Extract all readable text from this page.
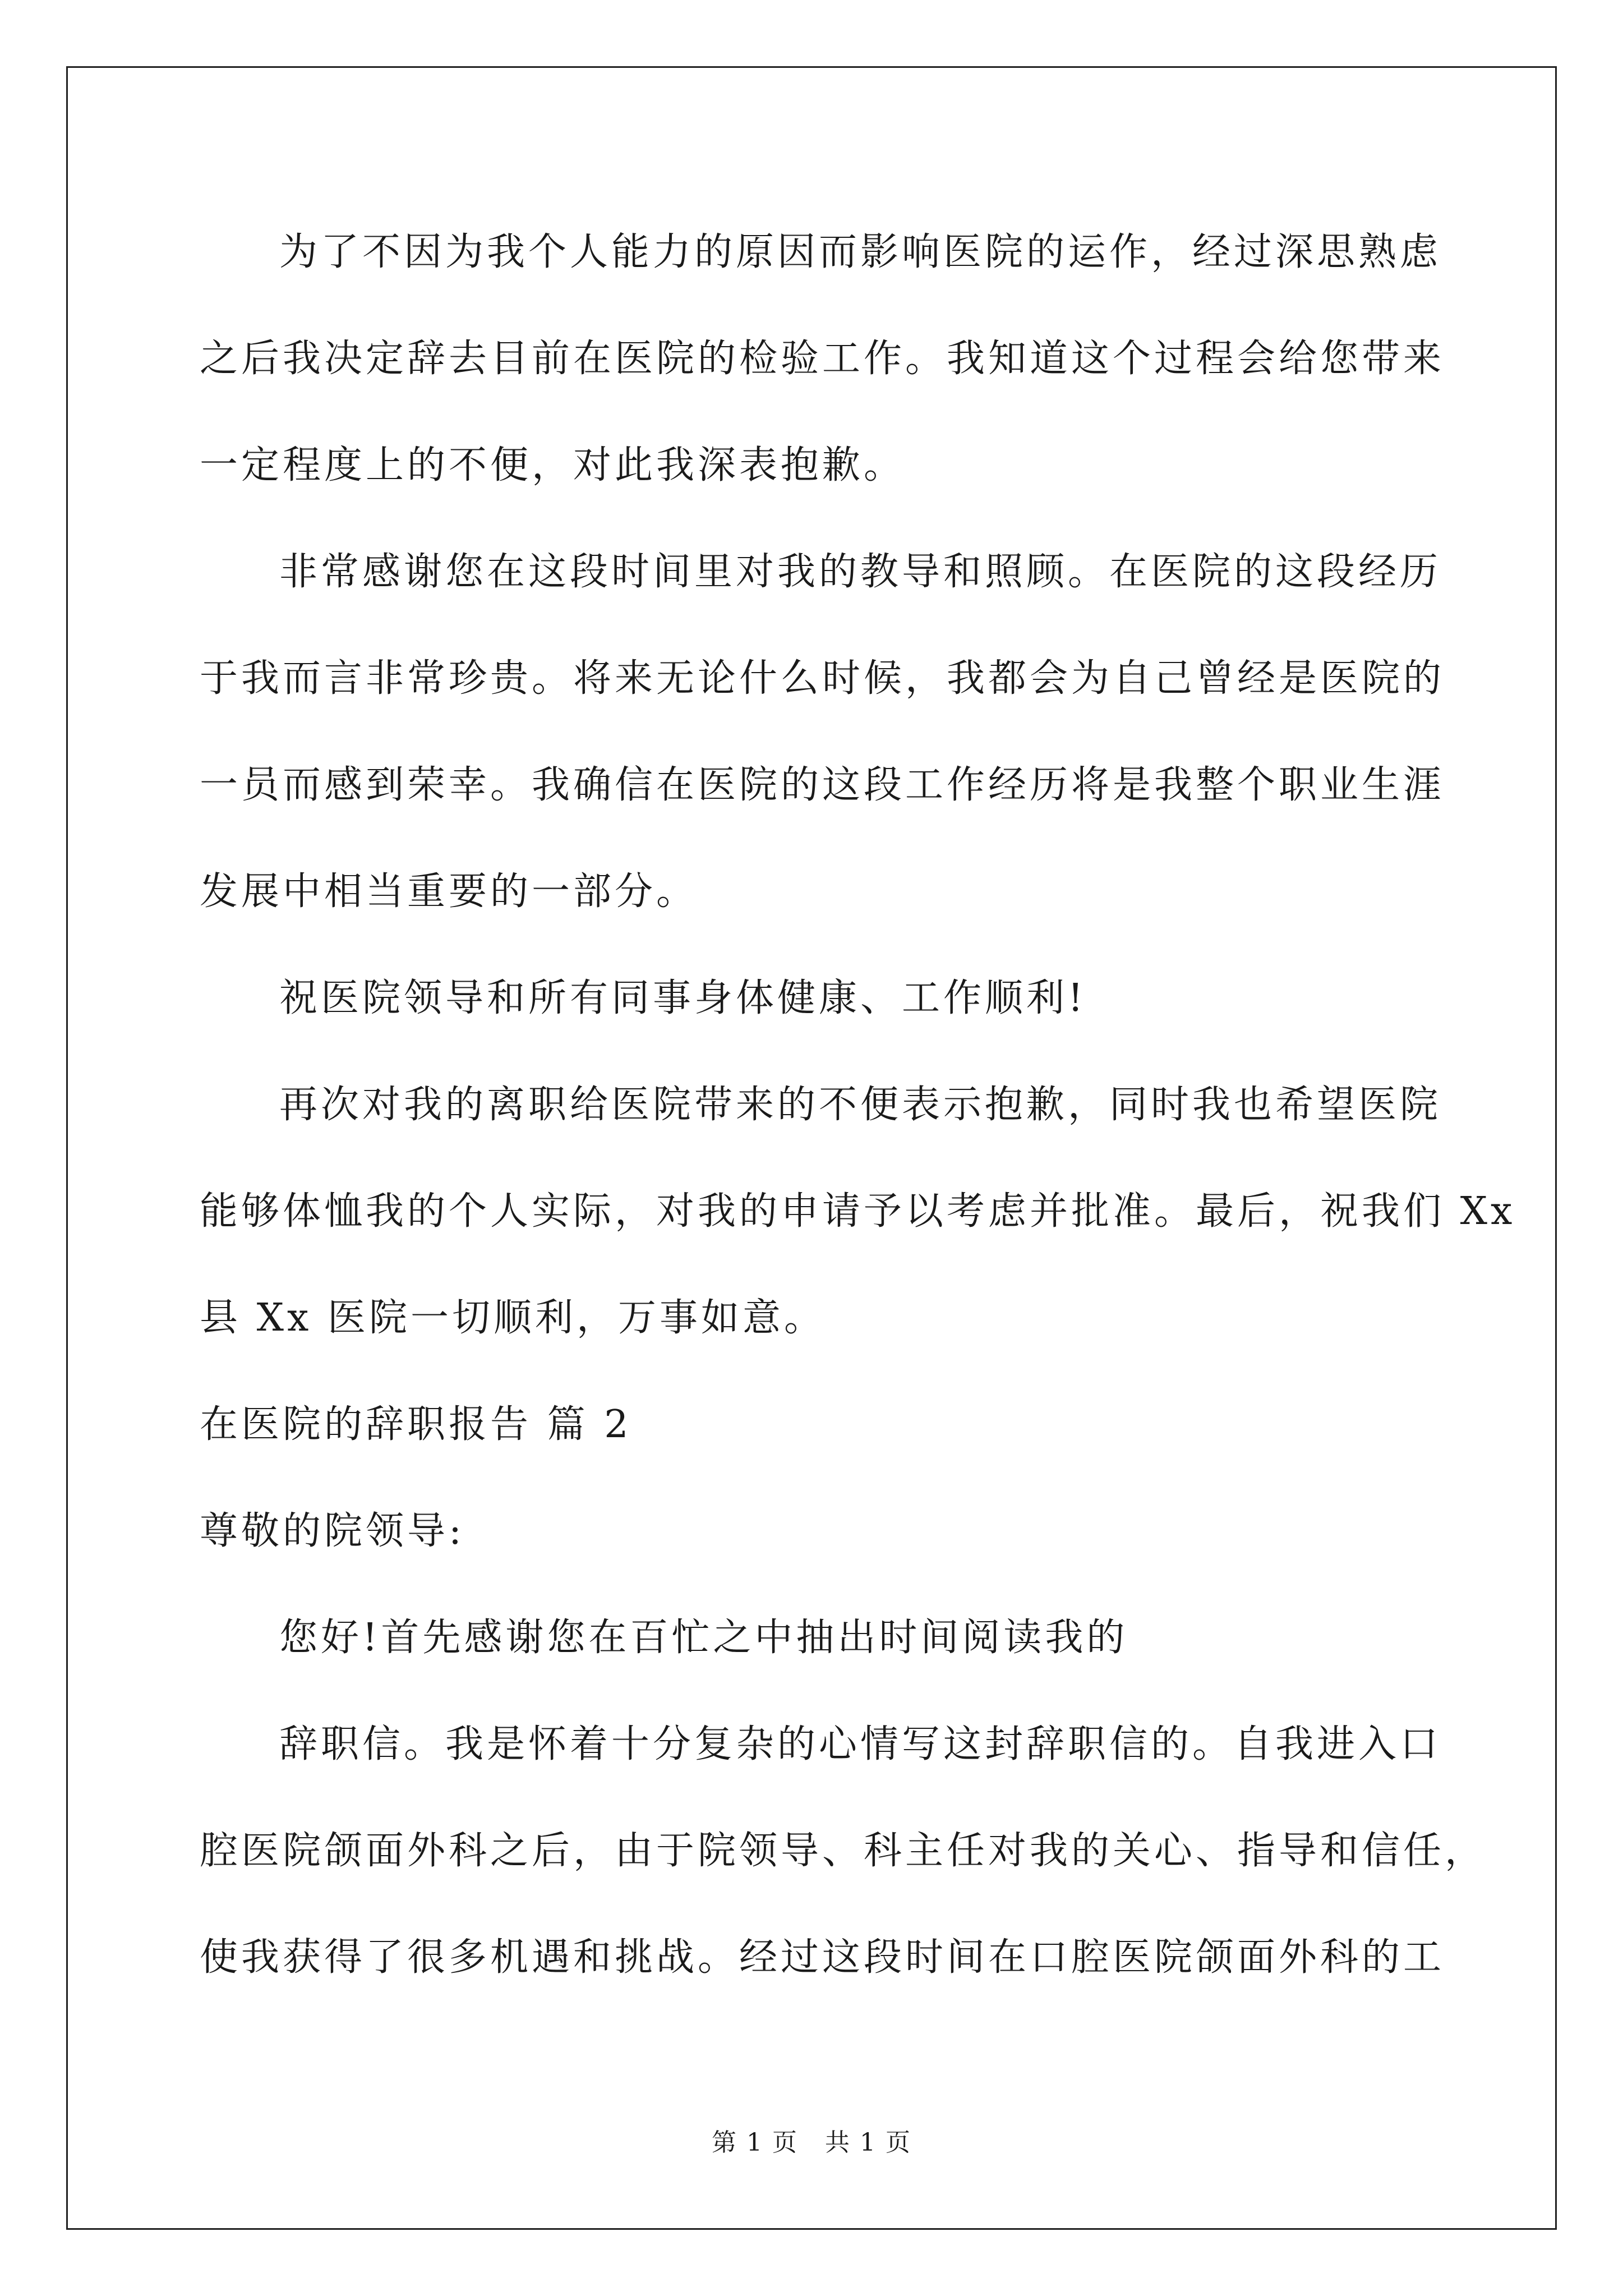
为了不因为我个人能力的原因而影响医院的运作，经过深思熟虑

之后我决定辞去目前在医院的检验工作。我知道这个过程会给您带来

一定程度上的不便，对此我深表抱歉。

非常感谢您在这段时间里对我的教导和照顾。在医院的这段经历

于我而言非常珍贵。将来无论什么时候，我都会为自己曾经是医院的

一员而感到荣幸。我确信在医院的这段工作经历将是我整个职业生涯

发展中相当重要的一部分。

祝医院领导和所有同事身体健康、工作顺利!

再次对我的离职给医院带来的不便表示抱歉，同时我也希望医院

能够体恤我的个人实际，对我的申请予以考虑并批准。最后，祝我们 Xx

县 Xx 医院一切顺利，万事如意。

在医院的辞职报告 篇 2

尊敬的院领导:

您好!首先感谢您在百忙之中抽出时间阅读我的

辞职信。我是怀着十分复杂的心情写这封辞职信的。自我进入口

腔医院颌面外科之后，由于院领导、科主任对我的关心、指导和信任，

使我获得了很多机遇和挑战。经过这段时间在口腔医院颌面外科的工

第 1 页   共 1 页
